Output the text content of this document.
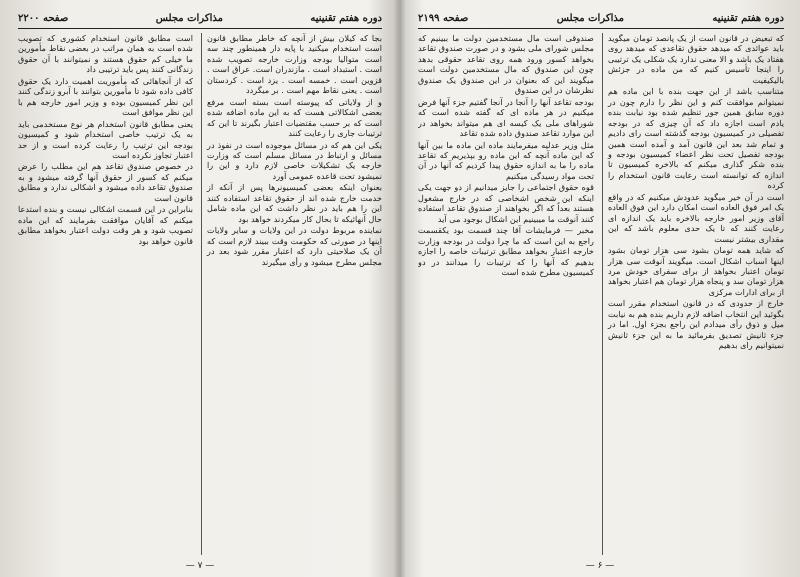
دوره هفتم تقنینیه
مذاکرات مجلس
صفحه ۲۲۰۰

بجا که کیلان بیش از آنچه که خاطر مطابق قانون است استخدام میکنید با پایه دار همینطور چند سه است متوالیا بودجه وزارت خارجه تصویب شده است . استبداد است . مازندران است. عراق است . قزوین است . خمسه است . یزد است . کردستان است . یعنی نقاط مهم است . بر میگردد

و از ولایاتی که پیوسته است بسته است مرفع بعضی اشکالاتی هست که به این ماده اضافه شده است که بر حسب مقتضیات اعتبار بگیرند تا این که ترتیبات جاری را رعایت کنند

یکی این هم که در مسائل موجوده است در نفوذ در مسائل و ارتباط در مسائل مسلم است که وزارت خارجه یک تشکیلات خاصی لازم دارد و این را نمیشود تحت قاعده عمومی آورد

بعنوان اینکه بعضی کمیسیونرها پس از آنکه از خدمت خارج شده اند از حقوق تقاعد استفاده کنند این را هم باید در نظر داشت که این ماده شامل حال آنهائیکه تا بحال کار میکردند خواهد بود

نماینده مربوط دولت در این ولایات و سایر ولایات اینها در صورتی که حکومت وقت ببیند لازم است که آن یک صلاحیتی دارد که اعتبار مقرر شود بعد در مجلس مطرح میشود و رأی میگیرند

است مطابق قانون استخدام کشوری که تصویب شده است به همان مراتب در بعضی نقاط مأمورین ما خیلی کم حقوق هستند و نمیتوانند با آن حقوق زندگانی کنند پس باید ترتیبی داد

که از آنجاهائی که مأموریت اهمیت دارد یک حقوق کافی داده شود تا مأمورین بتوانند با آبرو زندگی کنند این نظر کمیسیون بوده و وزیر امور خارجه هم با این نظر موافق است

یعنی مطابق قانون استخدام هر نوع مستخدمی باید به یک ترتیب خاصی استخدام شود و کمیسیون بودجه این ترتیب را رعایت کرده است و از حد اعتبار تجاوز نکرده است

در خصوص صندوق تقاعد هم این مطلب را عرض میکنم که کسور از حقوق آنها گرفته میشود و به صندوق تقاعد داده میشود و اشکالی ندارد و مطابق قانون است

بنابراین در این قسمت اشکالی نیست و بنده استدعا میکنم که آقایان موافقت بفرمایند که این ماده تصویب شود و هر وقت دولت اعتبار بخواهد مطابق قانون خواهد بود

— ۷ —
دوره هفتم تقنینیه
مذاکرات مجلس
صفحه ۲۱۹۹

که تبعیض در قانون است از یک پانصد تومان میگوید باید عوائدی که میدهد حقوق تقاعدی که میدهد روی هفتاد یک باشد و الا معنی ندارد یک شکلی یک ترتیبی را اینجا تأسیس کنیم که من ماده در جزئش بالیکیفیت

متناسب باشد از این جهت بنده با این ماده هم نمیتوانم موافقت کنم و این نظر را دارم چون در دوره سابق همین جور تنظیم شده بود نیابت بنده یادم است اجازه داد که آن چیزی که در بودجه تفصیلی در کمیسیون بودجه گذشته است رای دادیم و تمام شد بعد این قانون آمد و آمده است همین بودجه تفصیل تحت نظر اعضاء کمیسیون بودجه و بنده شکر گذاری میکنم که بالاخره کمیسیون تا اندازه که توانسته است رعایت قانون استخدام را کرده

است در آن خیر میگوید عدودش میکنیم که در واقع یک امر فوق العاده است امکان دارد این فوق العاده آقای وزیر امور خارجه بالاخره باید یک اندازه ای رعایت کنند که تا یک حدی معلوم باشد که این مقداری بیشتر نیست

که شاید همه تومان بشود سی هزار تومان بشود اینها اسباب اشکال است. میگویند آنوقت سی هزار تومان اعتبار بخواهد از برای سفرای خودش مرد هزار تومان سد و پنجاه هزار تومان هم اعتبار بخواهد از برای ادارات مرکزی

خارج از حدودی که در قانون استخدام مقرر است بگوئید این انتخاب اضافه لازم داریم بنده هم به نیابت میل و ذوق رأی میدادم این راجع بجزء اول. اما در جزء ثانیش تصدیق بفرمائید ما به این جزء ثانیش نمیتوانیم رای بدهیم

صندوقی است مال مستخدمین دولت ما ببینیم که مجلس شورای ملی بشود و در صورت صندوق تقاعد بخواهد کسور ورود همه روی تقاعد حقوقی بدهد چون این صندوق که مال مستخدمین دولت است میگویند این که بعنوان در این صندوق یک صندوق نظرشان در این صندوق

بودجه تقاعد آنها را آنجا در آنجا گفتیم جزء آنها فرض میکنیم در هر ماده ای که گفته شده است که شوراهای ملی یک کیسه ای هم میتواند بخواهد در این موارد تقاعد صندوق داده شده تقاعد

مثل وزیر عدلیه میفرمایند ماده این ماده ما بین آنها که این ماده آنچه که این ماده رو بپذیریم که تقاعد ماده را ما به اندازه حقوق پیدا کردیم که آنها در آن تحت مواد رسیدگی میکنیم

قوه حقوق اجتماعی را جایز میدانیم از دو جهت یکی اینکه این شخص اشخاصی که در خارج مشغول هستند بعداً که اگر بخواهند از صندوق تقاعد استفاده کنند آنوقت ما میبینیم این اشکال بوجود می آید

مخبر — فرمایشات آقا چند قسمت بود یکقسمت راجع به این است که ما چرا دولت در بودجه وزارت خارجه اعتبار بخواهد مطابق ترتیبات خاصه را اجازه بدهیم که آنها را که ترتیبات را میدانند در دو کمیسیون مطرح شده است

— ۶ —
